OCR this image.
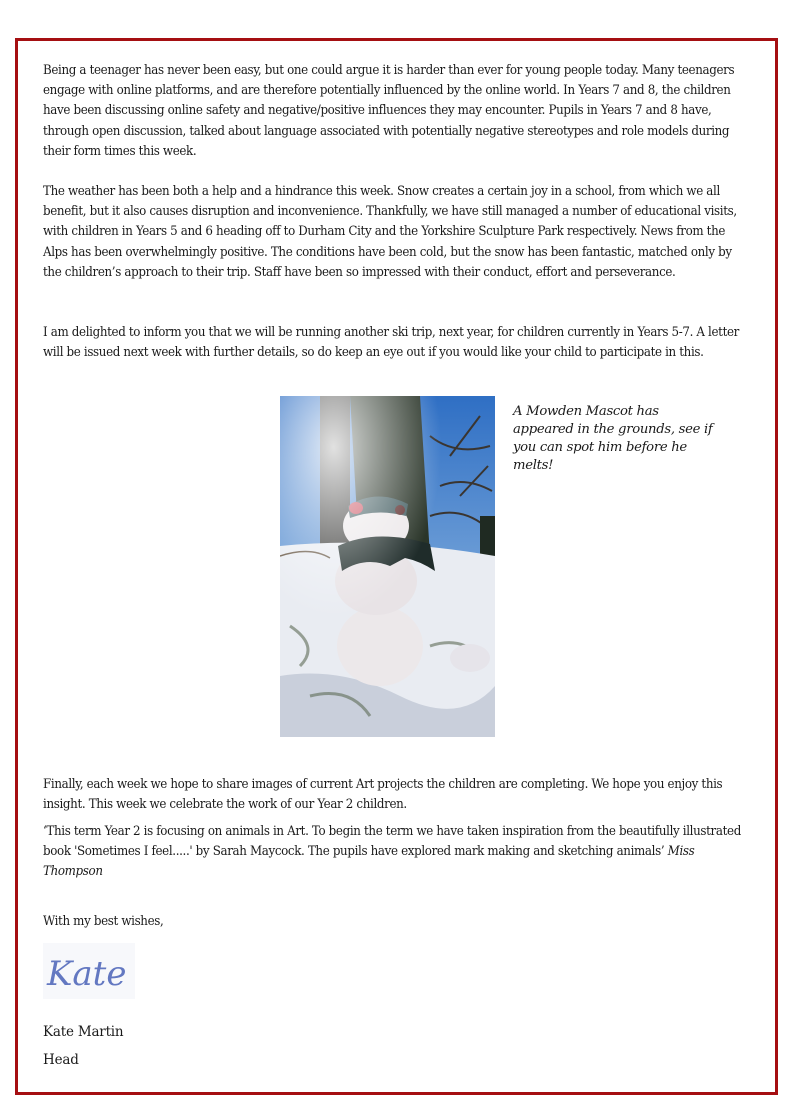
Being a teenager has never been easy, but one could argue it is harder than ever for young people today. Many teenagers engage with online platforms, and are therefore potentially influenced by the online world. In Years 7 and 8, the children have been discussing online safety and negative/positive influences they may encounter. Pupils in Years 7 and 8 have, through open discussion, talked about language associated with potentially negative stereotypes and role models during their form times this week.

The weather has been both a help and a hindrance this week. Snow creates a certain joy in a school, from which we all benefit, but it also causes disruption and inconvenience. Thankfully, we have still managed a number of educational visits, with children in Years 5 and 6 heading off to Durham City and the Yorkshire Sculpture Park respectively. News from the Alps has been overwhelmingly positive. The conditions have been cold, but the snow has been fantastic, matched only by the children’s approach to their trip. Staff have been so impressed with their conduct, effort and perseverance.

I am delighted to inform you that we will be running another ski trip, next year, for children currently in Years 5-7. A letter will be issued next week with further details, so do keep an eye out if you would like your child to participate in this.

A Mowden Mascot has appeared in the grounds, see if you can spot him before he melts!

Finally, each week we hope to share images of current Art projects the children are completing. We hope you enjoy this insight. This week we celebrate the work of our Year 2 children.

‘This term Year 2 is focusing on animals in Art. To begin the term we have taken inspiration from the beautifully illustrated book 'Sometimes I feel.....' by Sarah Maycock. The pupils have explored mark making and sketching animals’ Miss Thompson

With my best wishes,

Kate

Kate Martin

Head
